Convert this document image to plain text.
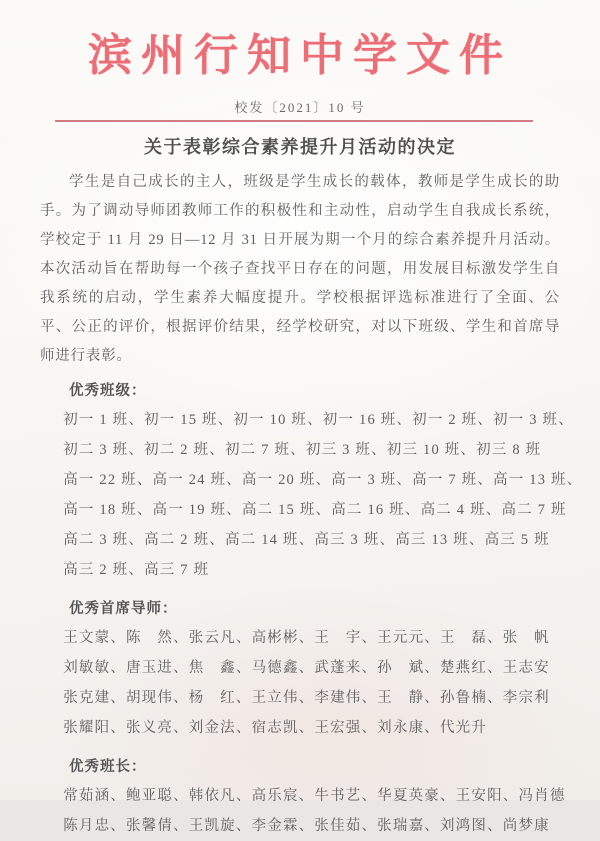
滨州行知中学文件
校发〔2021〕10 号
关于表彰综合素养提升月活动的决定
学生是自己成长的主人，班级是学生成长的载体，教师是学生成长的助手。为了调动导师团教师工作的积极性和主动性，启动学生自我成长系统，学校定于 11 月 29 日—12 月 31 日开展为期一个月的综合素养提升月活动。本次活动旨在帮助每一个孩子查找平日存在的问题，用发展目标激发学生自我系统的启动，学生素养大幅度提升。学校根据评选标准进行了全面、公平、公正的评价，根据评价结果，经学校研究，对以下班级、学生和首席导师进行表彰。
优秀班级：
初一 1 班、初一 15 班、初一 10 班、初一 16 班、初一 2 班、初一 3 班、
初二 3 班、初二 2 班、初二 7 班、初三 3 班、初三 10 班、初三 8 班
高一 22 班、高一 24 班、高一 20 班、高一 3 班、高一 7 班、高一 13 班、
高一 18 班、高一 19 班、高二 15 班、高二 16 班、高二 4 班、高二 7 班
高二 3 班、高二 2 班、高二 14 班、高三 3 班、高三 13 班、高三 5 班
高三 2 班、高三 7 班
优秀首席导师：
王文蒙、陈　然、张云凡、高彬彬、王　宇、王元元、王　磊、张　帆
刘敏敏、唐玉进、焦　鑫、马德鑫、武蓬来、孙　斌、楚燕红、王志安
张克建、胡现伟、杨　红、王立伟、李建伟、王　静、孙鲁楠、李宗利
张耀阳、张义亮、刘金法、宿志凯、王宏强、刘永康、代光升
优秀班长：
常茹涵、鲍亚聪、韩依凡、高乐宸、牛书艺、华夏英豪、王安阳、冯肖德
陈月忠、张馨倩、王凯旋、李金霖、张佳茹、张瑞嘉、刘鸿图、尚梦康
